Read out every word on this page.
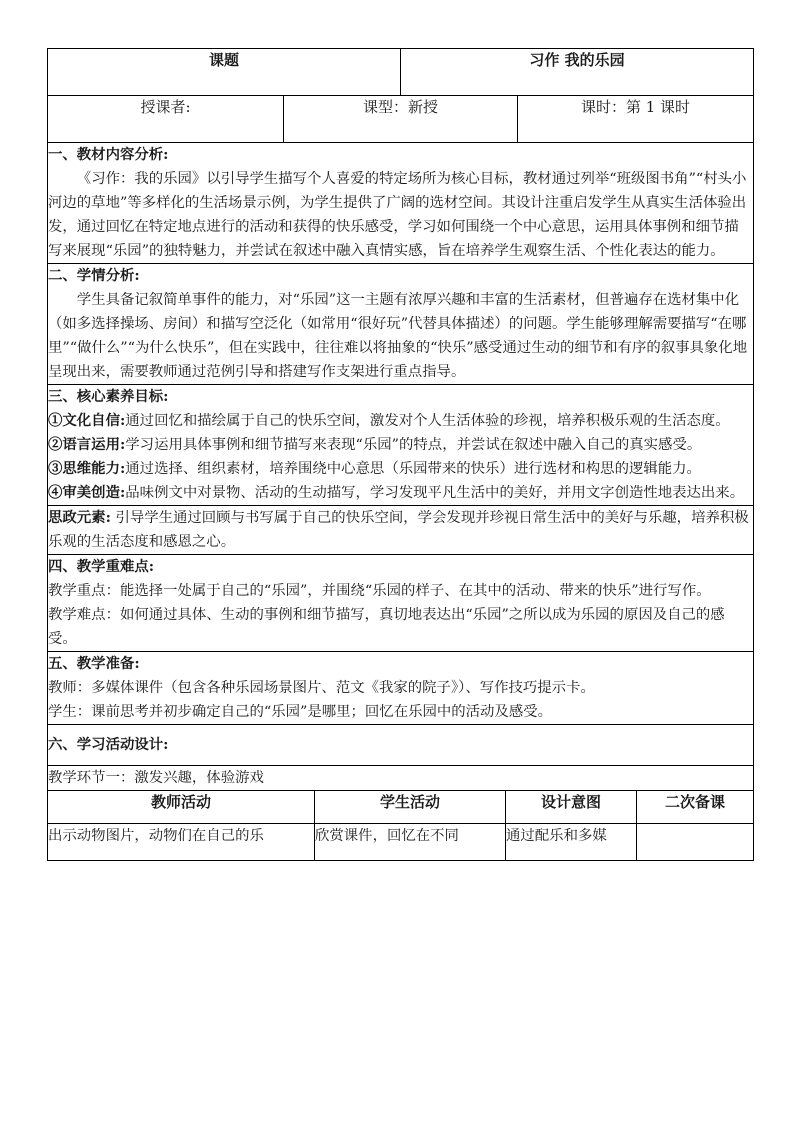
课题		习作 我的乐园	
授课者:	课型：新授		课时：第 1 课时

一、教材内容分析:

《习作：我的乐园》以引导学生描写个人喜爱的特定场所为核心目标，教材通过列举“班级图书角”“村头小河边的草地”等多样化的生活场景示例，为学生提供了广阔的选材空间。其设计注重启发学生从真实生活体验出发，通过回忆在特定地点进行的活动和获得的快乐感受，学习如何围绕一个中心意思，运用具体事例和细节描写来展现“乐园”的独特魅力，并尝试在叙述中融入真情实感，旨在培养学生观察生活、个性化表达的能力。			

二、学情分析:

学生具备记叙简单事件的能力，对“乐园”这一主题有浓厚兴趣和丰富的生活素材，但普遍存在选材集中化（如多选择操场、房间）和描写空泛化（如常用“很好玩”代替具体描述）的问题。学生能够理解需要描写“在哪里”“做什么”“为什么快乐”，但在实践中，往往难以将抽象的“快乐”感受通过生动的细节和有序的叙事具象化地呈现出来，需要教师通过范例引导和搭建写作支架进行重点指导。			

三、核心素养目标:

①文化自信:通过回忆和描绘属于自己的快乐空间，激发对个人生活体验的珍视，培养积极乐观的生活态度。

②语言运用:学习运用具体事例和细节描写来表现“乐园”的特点，并尝试在叙述中融入自己的真实感受。

③思维能力:通过选择、组织素材，培养围绕中心意思（乐园带来的快乐）进行选材和构思的逻辑能力。

④审美创造:品味例文中对景物、活动的生动描写，学习发现平凡生活中的美好，并用文字创造性地表达出来。			

思政元素: 引导学生通过回顾与书写属于自己的快乐空间，学会发现并珍视日常生活中的美好与乐趣，培养积极乐观的生活态度和感恩之心。			

四、教学重难点:

教学重点：能选择一处属于自己的“乐园”，并围绕“乐园的样子、在其中的活动、带来的快乐”进行写作。

教学难点：如何通过具体、生动的事例和细节描写，真切地表达出“乐园”之所以成为乐园的原因及自己的感受。			

五、教学准备:

教师：多媒体课件（包含各种乐园场景图片、范文《我家的院子》）、写作技巧提示卡。

学生：课前思考并初步确定自己的“乐园”是哪里；回忆在乐园中的活动及感受。			

六、学习活动设计:			

教学环节一：激发兴趣，体验游戏			

教师活动	学生活动	设计意图	二次备课
出示动物图片，动物们在自己的乐	欣赏课件，回忆在不同	通过配乐和多媒	
